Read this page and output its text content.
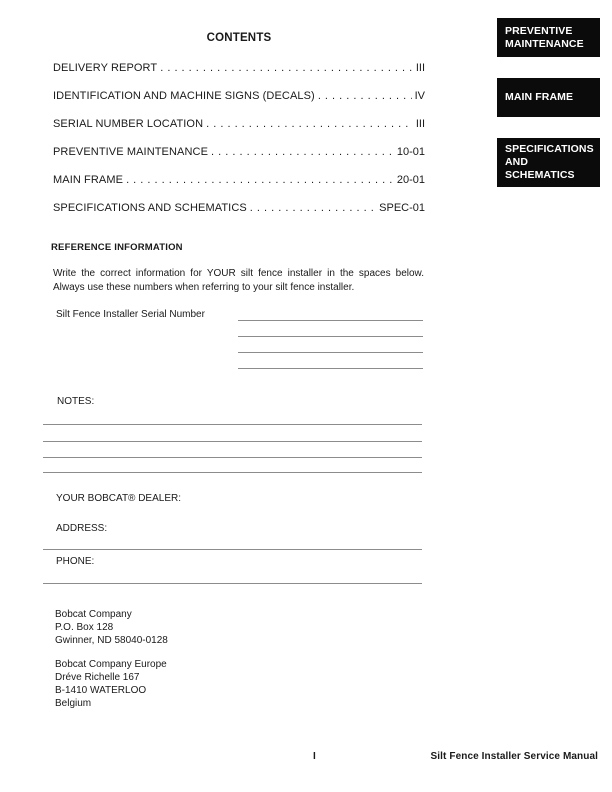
CONTENTS
DELIVERY REPORT . . .	III
IDENTIFICATION AND MACHINE SIGNS (DECALS) . . .	IV
SERIAL NUMBER LOCATION . . .	III
PREVENTIVE MAINTENANCE . . .	10-01
MAIN FRAME . . .	20-01
SPECIFICATIONS AND SCHEMATICS . . .	SPEC-01
PREVENTIVE MAINTENANCE
MAIN FRAME
SPECIFICATIONS AND SCHEMATICS
REFERENCE INFORMATION
Write the correct information for YOUR silt fence installer in the spaces below. Always use these numbers when referring to your silt fence installer.
Silt Fence Installer Serial Number
NOTES:
YOUR BOBCAT® DEALER:
ADDRESS:
PHONE:
Bobcat Company
P.O. Box 128
Gwinner, ND 58040-0128
Bobcat Company Europe
Dréve Richelle 167
B-1410 WATERLOO
Belgium
I	Silt Fence Installer Service Manual
